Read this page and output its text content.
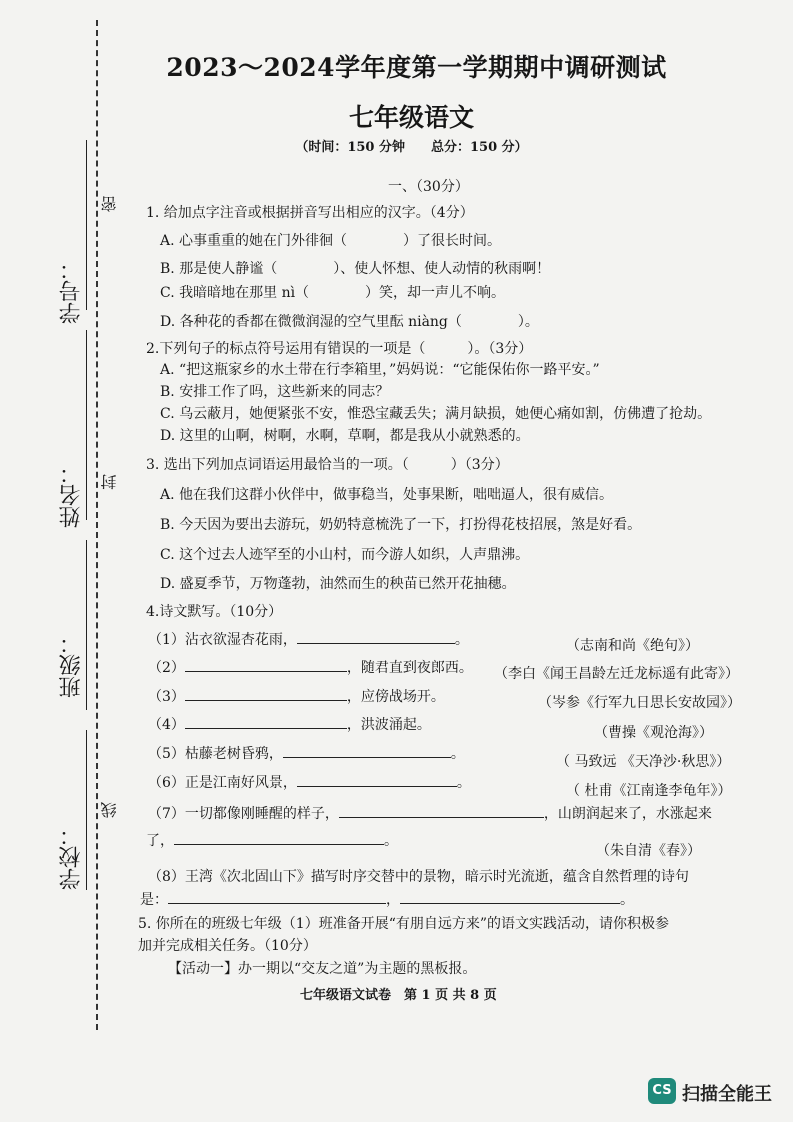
学号：
姓名：
班级：
学校：
密
封
线
2023～2024学年度第一学期期中调研测试
七年级语文
（时间：150 分钟　　总分：150 分）
一、（30分）
1. 给加点字注音或根据拼音写出相应的汉字。（4分）
A. 心事重重的她在门外徘徊（　　　　）了很长时间。
B. 那是使人静谧（　　　　）、使人怀想、使人动情的秋雨啊！
C. 我暗暗地在那里 nì（　　　　）笑，却一声儿不响。
D. 各种花的香都在微微润湿的空气里酝 niàng（　　　　）。
2.下列句子的标点符号运用有错误的一项是（　　　）。（3分）
A. “把这瓶家乡的水土带在行李箱里，”妈妈说：“它能保佑你一路平安。”
B. 安排工作了吗，这些新来的同志？
C. 乌云蔽月，她便紧张不安，惟恐宝藏丢失；满月缺损，她便心痛如割，仿佛遭了抢劫。
D. 这里的山啊，树啊，水啊，草啊，都是我从小就熟悉的。
3. 选出下列加点词语运用最恰当的一项。（　　　）（3分）
A. 他在我们这群小伙伴中，做事稳当，处事果断，咄咄逼人，很有威信。
B. 今天因为要出去游玩，奶奶特意梳洗了一下，打扮得花枝招展，煞是好看。
C. 这个过去人迹罕至的小山村，而今游人如织，人声鼎沸。
D. 盛夏季节，万物蓬勃，油然而生的秧苗已然开花抽穗。
4.诗文默写。（10分）
（1）沾衣欲湿杏花雨，	。	（志南和尚《绝句》）
（2）	，随君直到夜郎西。 （李白《闻王昌龄左迁龙标遥有此寄》）
（3）	，应傍战场开。	（岑参《行军九日思长安故园》）
（4）	，洪波涌起。	（曹操《观沧海》）
（5）枯藤老树昏鸦，	。	（ 马致远 《天净沙·秋思》）
（6）正是江南好风景，	。	（ 杜甫《江南逢李龟年》）
（7）一切都像刚睡醒的样子，	，山朗润起来了，水涨起来
了，	。
（朱自清《春》）
（8）王湾《次北固山下》描写时序交替中的景物，暗示时光流逝，蕴含自然哲理的诗句
是：	，	。
5. 你所在的班级七年级（1）班准备开展“有朋自远方来”的语文实践活动，请你积极参
加并完成相关任务。（10分）
【活动一】办一期以“交友之道”为主题的黑板报。
七年级语文试卷　第 1 页 共 8 页
CS 扫描全能王
